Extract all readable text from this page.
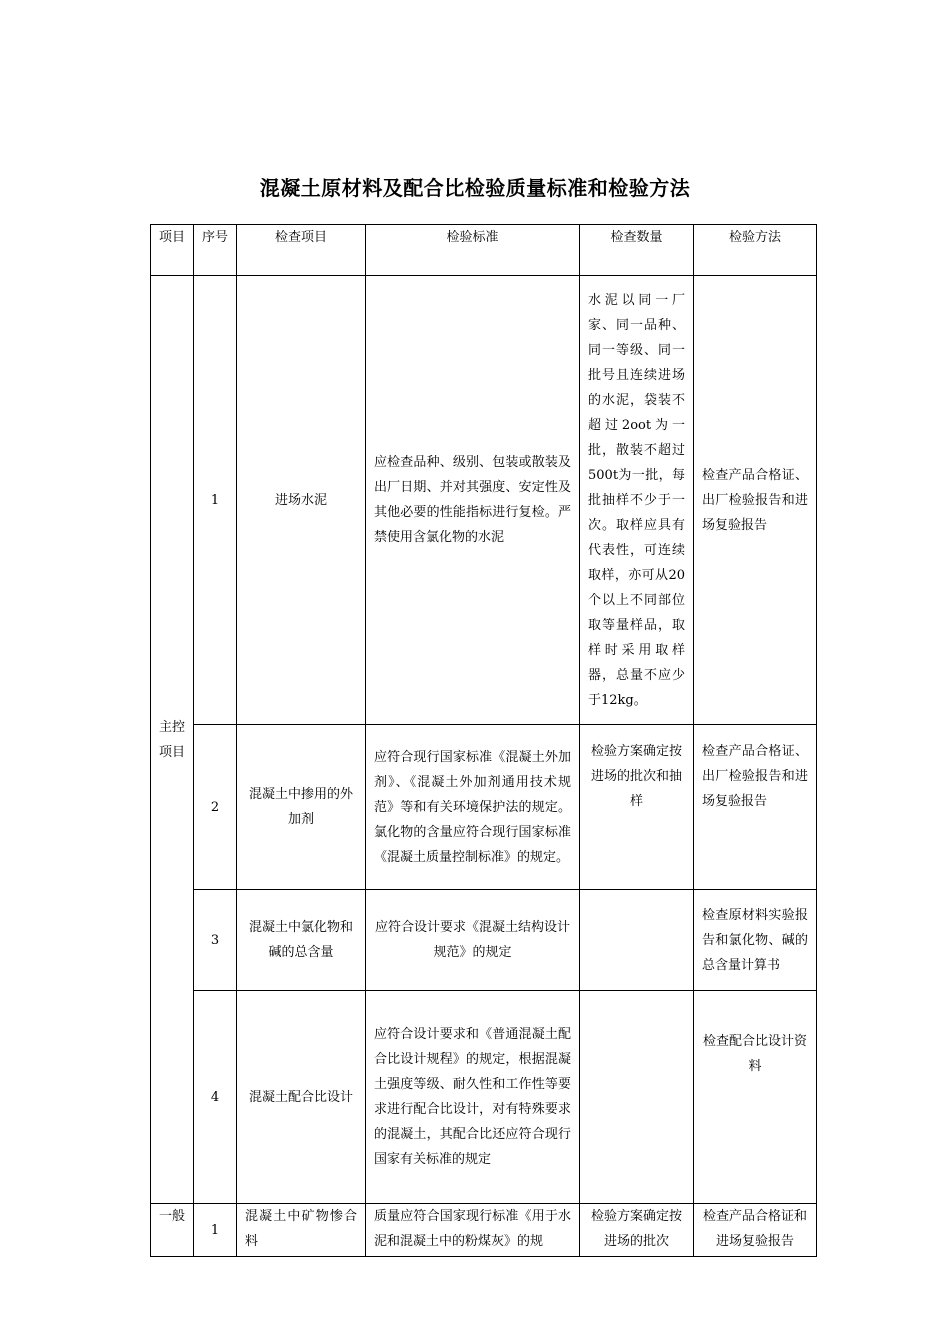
混凝土原材料及配合比检验质量标准和检验方法
项目	序号	检查项目	检验标准	检查数量	检验方法
主控项目	1	进场水泥	应检查品种、级别、包装或散装及出厂日期、并对其强度、安定性及其他必要的性能指标进行复检。严禁使用含氯化物的水泥	水泥以同一厂家、同一品种、同一等级、同一批号且连续进场的水泥，袋装不超过2oot为一批，散装不超过500t为一批，每批抽样不少于一次。取样应具有代表性，可连续取样，亦可从20个以上不同部位取等量样品，取样时采用取样器，总量不应少于12kg。	检查产品合格证、出厂检验报告和进场复验报告
	2	混凝土中掺用的外加剂	应符合现行国家标准《混凝土外加剂》、《混凝土外加剂通用技术规范》等和有关环境保护法的规定。氯化物的含量应符合现行国家标准《混凝土质量控制标准》的规定。	检验方案确定按进场的批次和抽样	检查产品合格证、出厂检验报告和进场复验报告
	3	混凝土中氯化物和碱的总含量	应符合设计要求《混凝土结构设计规范》的规定		检查原材料实验报告和氯化物、碱的总含量计算书
	4	混凝土配合比设计	应符合设计要求和《普通混凝土配合比设计规程》的规定，根据混凝土强度等级、耐久性和工作性等要求进行配合比设计，对有特殊要求的混凝土，其配合比还应符合现行国家有关标准的规定		检查配合比设计资料
一般	1	混凝土中矿物惨合料	质量应符合国家现行标准《用于水泥和混凝土中的粉煤灰》的规	检验方案确定按进场的批次	检查产品合格证和进场复验报告
